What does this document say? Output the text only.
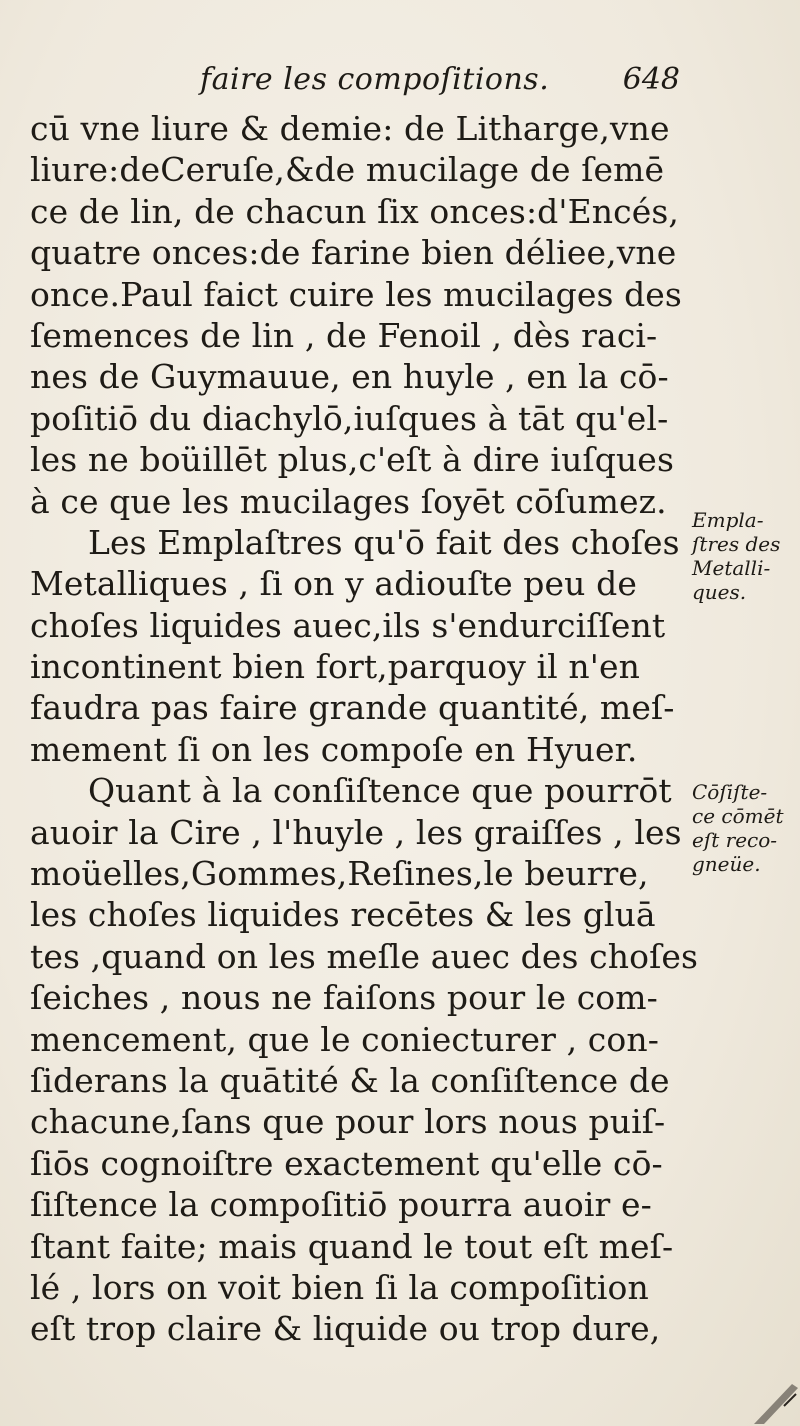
faire les compoſitions. 648
cū vne liure & demie: de Litharge,vne
liure:deCeruſe,&de mucilage de ſemē
ce de lin, de chacun ſix onces:d'Encés,
quatre onces:de farine bien déliee,vne
once.Paul faict cuire les mucilages des
ſemences de lin , de Fenoil , dès raci-
nes de Guymauue, en huyle , en la cō-
poſitiō du diachylō,iuſques à tāt qu'el-
les ne boüillēt plus,c'eſt à dire iuſques
à ce que les mucilages ſoyēt cōſumez.
Les Emplaſtres qu'ō fait des choſes
Metalliques , ſi on y adiouſte peu de
choſes liquides auec,ils s'endurciſſent
incontinent bien fort,parquoy il n'en
faudra pas faire grande quantité, meſ-
mement ſi on les compoſe en Hyuer.
Quant à la conſiſtence que pourrōt
auoir la Cire , l'huyle , les graiſſes , les
moüelles,Gommes,Reſines,le beurre,
les choſes liquides recētes & les gluā
tes ,quand on les meſle auec des choſes
ſeiches , nous ne faiſons pour le com-
mencement, que le coniecturer , con-
ſiderans la quātité & la conſiſtence de
chacune,ſans que pour lors nous puiſ-
ſiōs cognoiſtre exactement qu'elle cō-
ſiſtence la compoſitiō pourra auoir e-
ſtant faite; mais quand le tout eſt meſ-
lé , lors on voit bien ſi la compoſition
eſt trop claire & liquide ou trop dure,
Empla-
ſtres des
Metalli-
ques.
Cōſiſte-
ce cōmēt
eſt reco-
gneüe.
